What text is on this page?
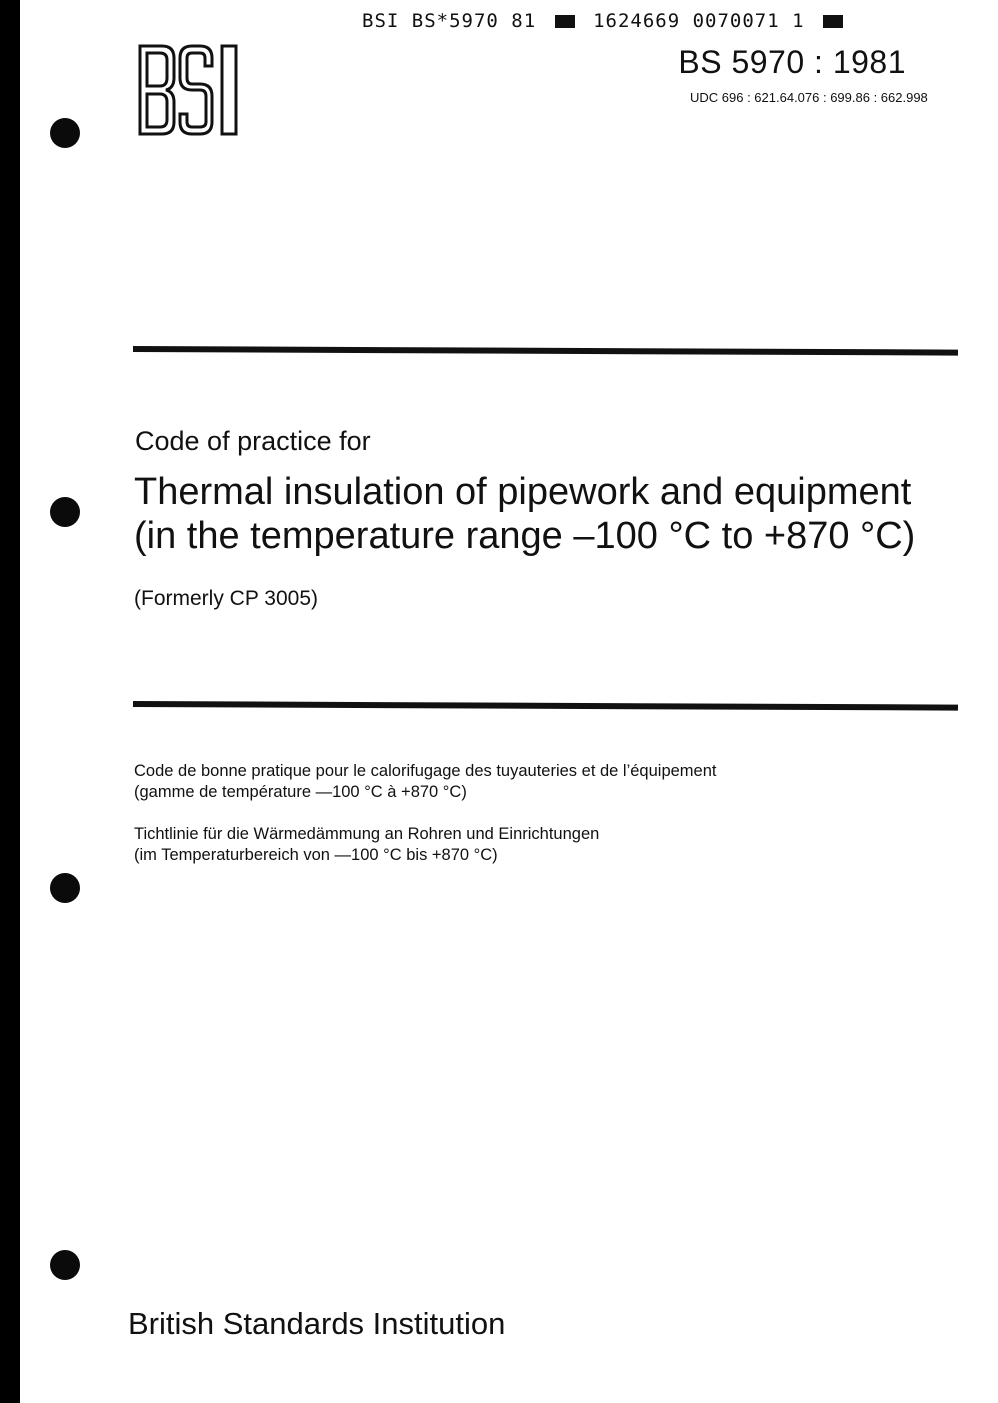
BSI BS*5970 81	1624669 0070071 1
BS 5970 : 1981
UDC 696 : 621.64.076 : 699.86 : 662.998
Code of practice for
Thermal insulation of pipework and equipment
(in the temperature range –100 °C to +870 °C)
(Formerly CP 3005)
Code de bonne pratique pour le calorifugage des tuyauteries et de l’équipement
(gamme de température —100 °C à +870 °C)
Tichtlinie für die Wärmedämmung an Rohren und Einrichtungen
(im Temperaturbereich von —100 °C bis +870 °C)
British Standards Institution
